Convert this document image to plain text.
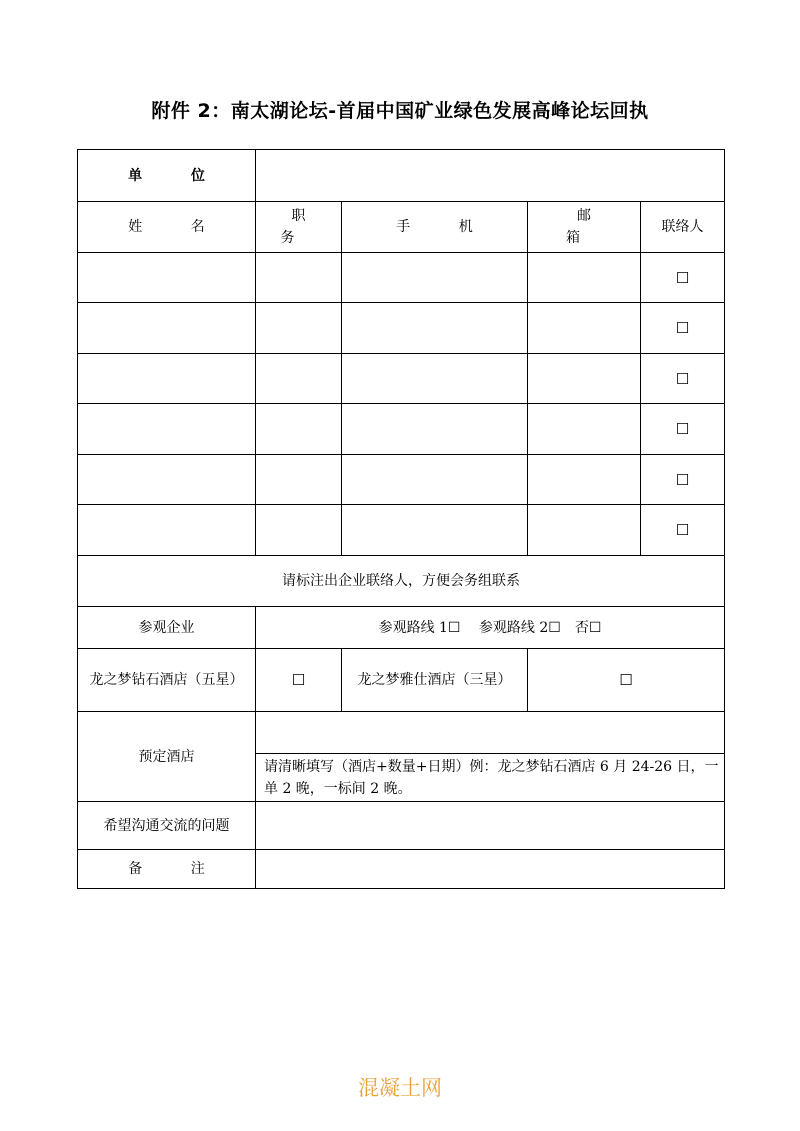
附件 2：南太湖论坛-首届中国矿业绿色发展高峰论坛回执
单 位				
姓 名	职 务	手 机	邮 箱	联络人
				☐
				☐
				☐
				☐
				☐
				☐
请标注出企业联络人，方便会务组联系				
参观企业	参观路线 1☐　 参观路线 2☐　否☐			
龙之梦钻石酒店（五星）	☐	龙之梦雅仕酒店（三星）	☐	
预定酒店				
	请清晰填写（酒店+数量+日期）例：龙之梦钻石酒店 6 月 24-26 日，一单 2 晚，一标间 2 晚。			
希望沟通交流的问题				
备 注				
混凝土网
